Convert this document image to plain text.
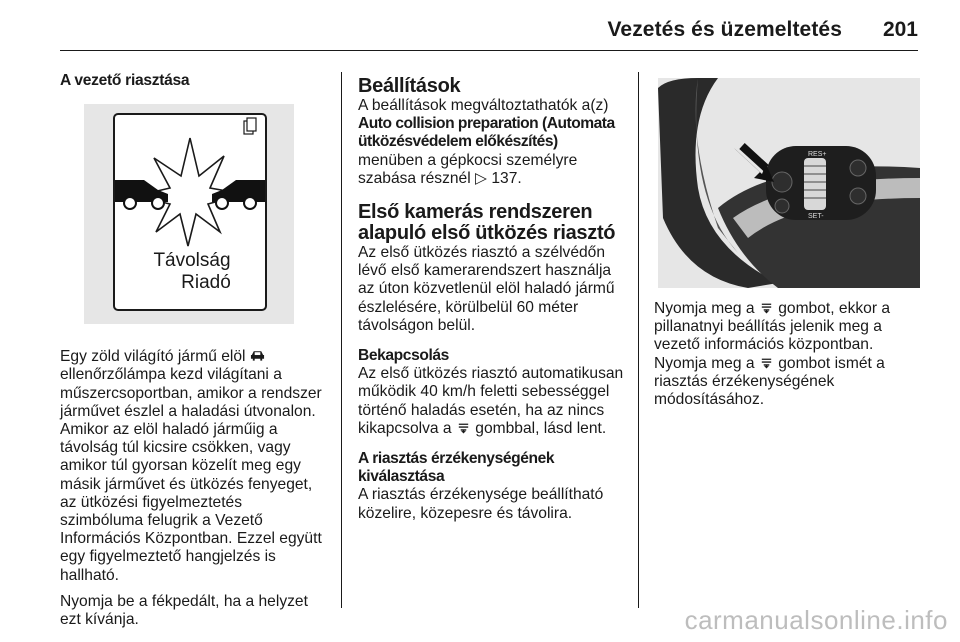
Vezetés és üzemeltetés 201
A vezető riasztása
Távolság
Riadó

Egy zöld világító jármű elöl  ellenőrzőlámpa kezd világítani a műszercsoportban, amikor a rendszer járművet észlel a haladási útvonalon. Amikor az elöl haladó járműig a távolság túl kicsire csökken, vagy amikor túl gyorsan közelít meg egy másik járművet és ütközés fenyeget, az ütközési figyelmeztetés szimbóluma felugrik a Vezető Információs Központban. Ezzel együtt egy figyelmeztető hangjelzés is hallható.

Nyomja be a fékpedált, ha a helyzet ezt kívánja.

Beállítások

A beállítások megváltoztathatók a(z) Auto collision preparation (Automata ütközésvédelem előkészítés) menüben a gépkocsi személyre szabása résznél ▷ 137.

Első kamerás rendszeren alapuló első ütközés riasztó

Az első ütközés riasztó a szélvédőn lévő első kamerarendszert használja az úton közvetlenül elöl haladó jármű észlelésére, körülbelül 60 méter távolságon belül.

Bekapcsolás
Az első ütközés riasztó automatikusan működik 40 km/h feletti sebességgel történő haladás esetén, ha az nincs kikapcsolva a gombbal, lásd lent.

A riasztás érzékenységének kiválasztása
A riasztás érzékenysége beállítható közelire, közepesre és távolira.

RES+
SET-

Nyomja meg a gombot, ekkor a pillanatnyi beállítás jelenik meg a vezető információs központban.

Nyomja meg a gombot ismét a riasztás érzékenységének módosításához.

carmanualsonline.info
